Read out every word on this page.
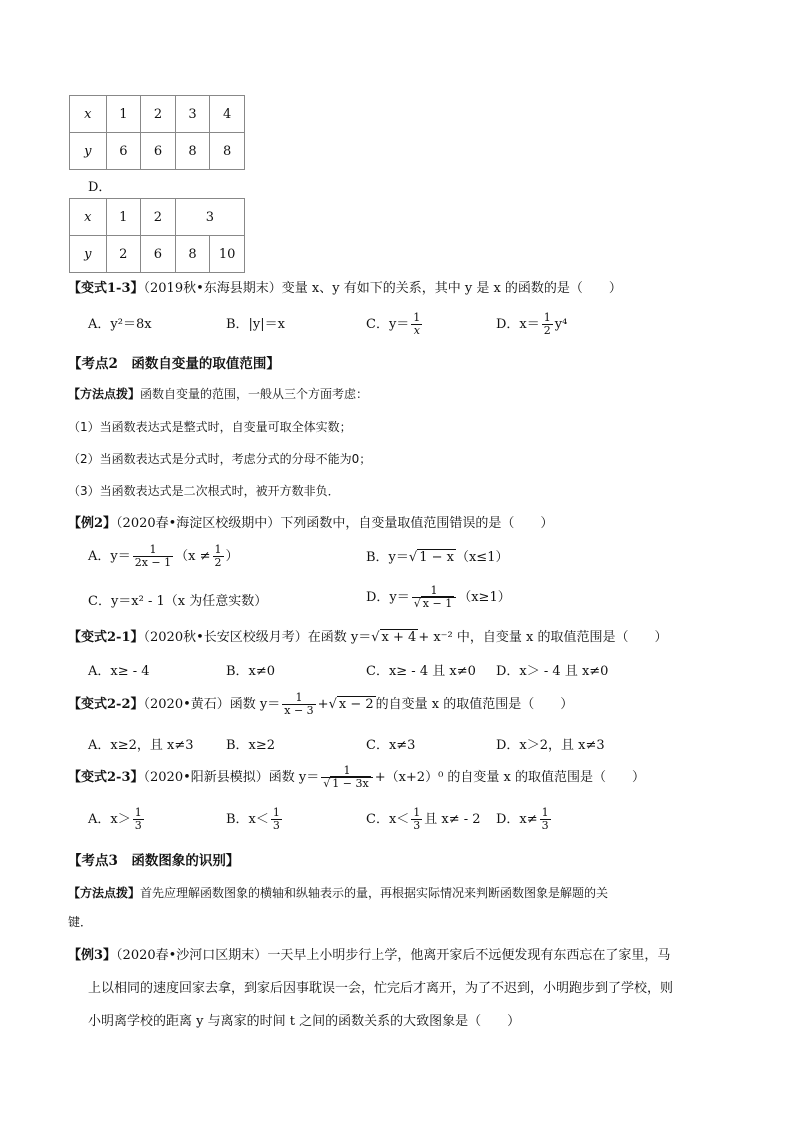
x	1	2	3	4
y	6	6	8	8
D．
x	1	2	3	
y	2	6	8	10
【变式1-3】（2019秋•东海县期末）变量 x、y 有如下的关系，其中 y 是 x 的函数的是（　　）
A．y²＝8x	B．|y|＝x	C．$y= \frac{1}{x}$	D．$x= \frac{1}{2} y^4$
【考点2　函数自变量的取值范围】
【方法点拨】函数自变量的范围，一般从三个方面考虑：
（1）当函数表达式是整式时，自变量可取全体实数；
（2）当函数表达式是分式时，考虑分式的分母不能为0；
（3）当函数表达式是二次根式时，被开方数非负．
【例2】（2020春•海淀区校级期中）下列函数中，自变量取值范围错误的是（　　）
A．$y= \frac{1}{2x - 1} (x \ne \frac{1}{2}$ ）	B．y＝√ 1 − x （x≤1）
C．y＝x² - 1（x 为任意实数）	D．$y= \frac{1}{√ x - 1} (x\ge 1)$
【变式2-1】（2020秋•长安区校级月考）在函数 y＝√ x + 4 + x⁻² 中，自变量 x 的取值范围是（　　）
A．x≥ - 4	B．x≠0	C．x≥ - 4 且 x≠0 D．x＞ - 4 且 x≠0
【变式2-2】（2020•黄石）函数 $y= \frac{1}{x - 3}$ +√ x − 2 的自变量 x 的取值范围是（　　）
A．x≥2，且 x≠3 B．x≥2	C．x≠3	D．x＞2，且 x≠3
【变式2-3】（2020•阳新县模拟）函数 $y= \frac{1}{√ 1 - 3x} +(x+2)^0$ 的自变量 x 的取值范围是（　　）
A．$x> \frac{1}{3}$	B．$x< \frac{1}{3}$	C．$x< \frac{1}{3}$ 且 x≠ - 2 D．$x\ne \frac{1}{3}$
【考点3　函数图象的识别】
【方法点拨】首先应理解函数图象的横轴和纵轴表示的量，再根据实际情况来判断函数图象是解题的关
键．
【例3】（2020春•沙河口区期末）一天早上小明步行上学，他离开家后不远便发现有东西忘在了家里，马
上以相同的速度回家去拿，到家后因事耽误一会，忙完后才离开，为了不迟到，小明跑步到了学校，则
小明离学校的距离 y 与离家的时间 t 之间的函数关系的大致图象是（　　）
